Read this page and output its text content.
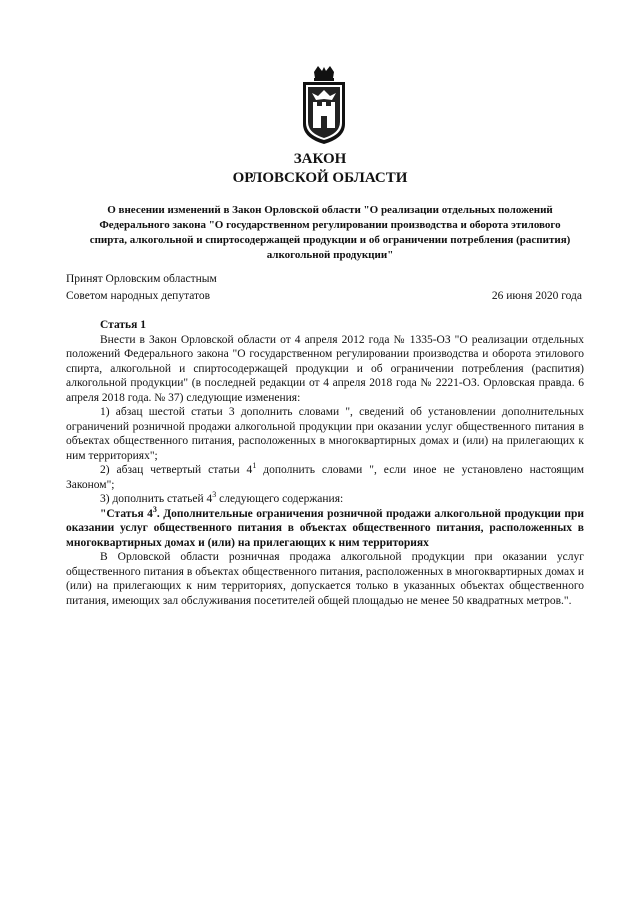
ЗАКОН
ОРЛОВСКОЙ ОБЛАСТИ
О внесении изменений в Закон Орловской области "О реализации отдельных положений Федерального закона "О государственном регулировании производства и оборота этилового спирта, алкогольной и спиртосодержащей продукции и об ограничении потребления (распития) алкогольной продукции"
Принят Орловским областным
Советом народных депутатов	26 июня 2020 года

Статья 1

Внести в Закон Орловской области от 4 апреля 2012 года № 1335-ОЗ "О реализации отдельных положений Федерального закона "О государственном регулировании производства и оборота этилового спирта, алкогольной и спиртосодержащей продукции и об ограничении потребления (распития) алкогольной продукции" (в последней редакции от 4 апреля 2018 года № 2221-ОЗ. Орловская правда. 6 апреля 2018 года. № 37) следующие изменения:

1) абзац шестой статьи 3 дополнить словами ", сведений об установлении дополнительных ограничений розничной продажи алкогольной продукции при оказании услуг общественного питания в объектах общественного питания, расположенных в многоквартирных домах и (или) на прилегающих к ним территориях";

2) абзац четвертый статьи $4^1$ дополнить словами ", если иное не установлено настоящим Законом";

3) дополнить статьей $4^3$ следующего содержания:

"Статья $4^3$. Дополнительные ограничения розничной продажи алкогольной продукции при оказании услуг общественного питания в объектах общественного питания, расположенных в многоквартирных домах и (или) на прилегающих к ним территориях

В Орловской области розничная продажа алкогольной продукции при оказании услуг общественного питания в объектах общественного питания, расположенных в многоквартирных домах и (или) на прилегающих к ним территориях, допускается только в указанных объектах общественного питания, имеющих зал обслуживания посетителей общей площадью не менее 50 квадратных метров.".
